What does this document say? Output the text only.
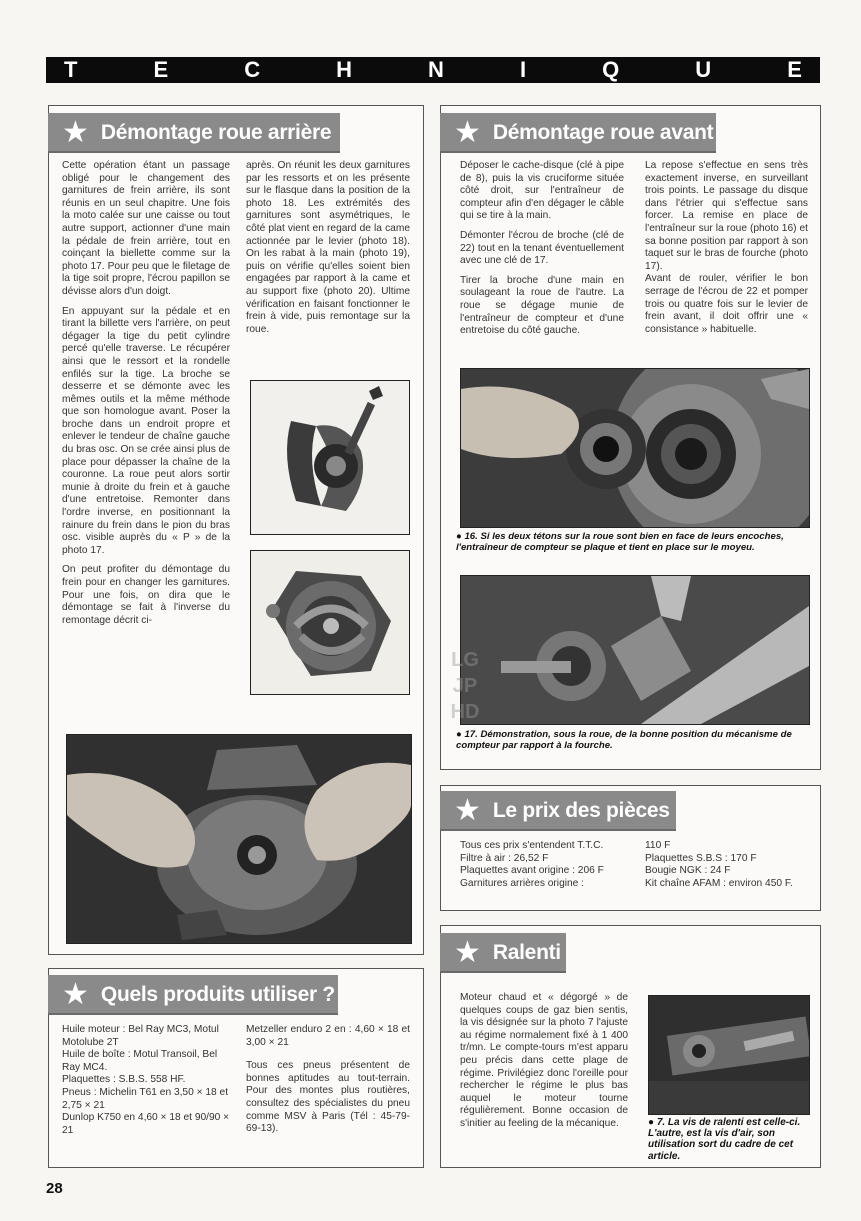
T	E	C	H	N	I	Q	U	E
★ Démontage roue arrière

Cette opération étant un passage obligé pour le changement des garnitures de frein arrière, ils sont réunis en un seul chapitre. Une fois la moto calée sur une caisse ou tout autre support, actionner d'une main la pédale de frein arrière, tout en coinçant la biellette comme sur la photo 17. Pour peu que le filetage de la tige soit propre, l'écrou papillon se dévisse alors d'un doigt.

En appuyant sur la pédale et en tirant la billette vers l'arrière, on peut dégager la tige du petit cylindre percé qu'elle traverse. Le récupérer ainsi que le ressort et la rondelle enfilés sur la tige. La broche se desserre et se démonte avec les mêmes outils et la même méthode que son homologue avant. Poser la broche dans un endroit propre et enlever le tendeur de chaîne gauche du bras osc. On se crée ainsi plus de place pour dépasser la chaîne de la couronne. La roue peut alors sortir munie à droite du frein et à gauche d'une entretoise. Remonter dans l'ordre inverse, en positionnant la rainure du frein dans le pion du bras osc. visible auprès du « P » de la photo 17.

On peut profiter du démontage du frein pour en changer les garnitures. Pour une fois, on dira que le démontage se fait à l'inverse du remontage décrit ci-

après. On réunit les deux garnitures par les ressorts et on les présente sur le flasque dans la position de la photo 18. Les extrémités des garnitures sont asymétriques, le côté plat vient en regard de la came actionnée par le levier (photo 18). On les rabat à la main (photo 19), puis on vérifie qu'elles soient bien engagées par rapport à la came et au support fixe (photo 20). Ultime vérification en faisant fonctionner le frein à vide, puis remontage sur la roue.

★ Démontage roue avant

Déposer le cache-disque (clé à pipe de 8), puis la vis cruciforme située côté droit, sur l'entraîneur de compteur afin d'en dégager le câble qui se tire à la main.

Démonter l'écrou de broche (clé de 22) tout en la tenant éventuellement avec une clé de 17.

Tirer la broche d'une main en soulageant la roue de l'autre. La roue se dégage munie de l'entraîneur de compteur et d'une entretoise du côté gauche.

La repose s'effectue en sens très exactement inverse, en surveillant trois points. Le passage du disque dans l'étrier qui s'effectue sans forcer. La remise en place de l'entraîneur sur la roue (photo 16) et sa bonne position par rapport à son taquet sur le bras de fourche (photo 17).

Avant de rouler, vérifier le bon serrage de l'écrou de 22 et pomper trois ou quatre fois sur le levier de frein avant, il doit offrir une « consistance » habituelle.

● 16. Si les deux tétons sur la roue sont bien en face de leurs encoches, l'entraîneur de compteur se plaque et tient en place sur le moyeu.
● 17. Démonstration, sous la roue, de la bonne position du mécanisme de compteur par rapport à la fourche.
LG
JP
HD
★ Le prix des pièces
Tous ces prix s'entendent T.T.C.
Filtre à air : 26,52 F
Plaquettes avant origine : 206 F
Garnitures arrières origine :
110 F
Plaquettes S.B.S : 170 F
Bougie NGK : 24 F
Kit chaîne AFAM : environ 450 F.
★ Quels produits utiliser ?
Huile moteur : Bel Ray MC3, Motul Motolube 2T
Huile de boîte : Motul Transoil, Bel Ray MC4.
Plaquettes : S.B.S. 558 HF.
Pneus : Michelin T61 en 3,50 × 18 et 2,75 × 21
Dunlop K750 en 4,60 × 18 et 90/90 × 21

Metzeller enduro 2 en : 4,60 × 18 et 3,00 × 21

Tous ces pneus présentent de bonnes aptitudes au tout-terrain. Pour des montes plus routières, consultez des spécialistes du pneu comme MSV à Paris (Tél : 45-79-69-13).

★ Ralenti

Moteur chaud et « dégorgé » de quelques coups de gaz bien sentis, la vis désignée sur la photo 7 l'ajuste au régime normalement fixé à 1 400 tr/mn. Le compte-tours m'est apparu peu précis dans cette plage de régime. Privilégiez donc l'oreille pour rechercher le régime le plus bas auquel le moteur tourne régulièrement. Bonne occasion de s'initier au feeling de la mécanique.	● 7. La vis de ralenti est celle-ci. L'autre, est la vis d'air, son utilisation sort du cadre de cet article.
28
